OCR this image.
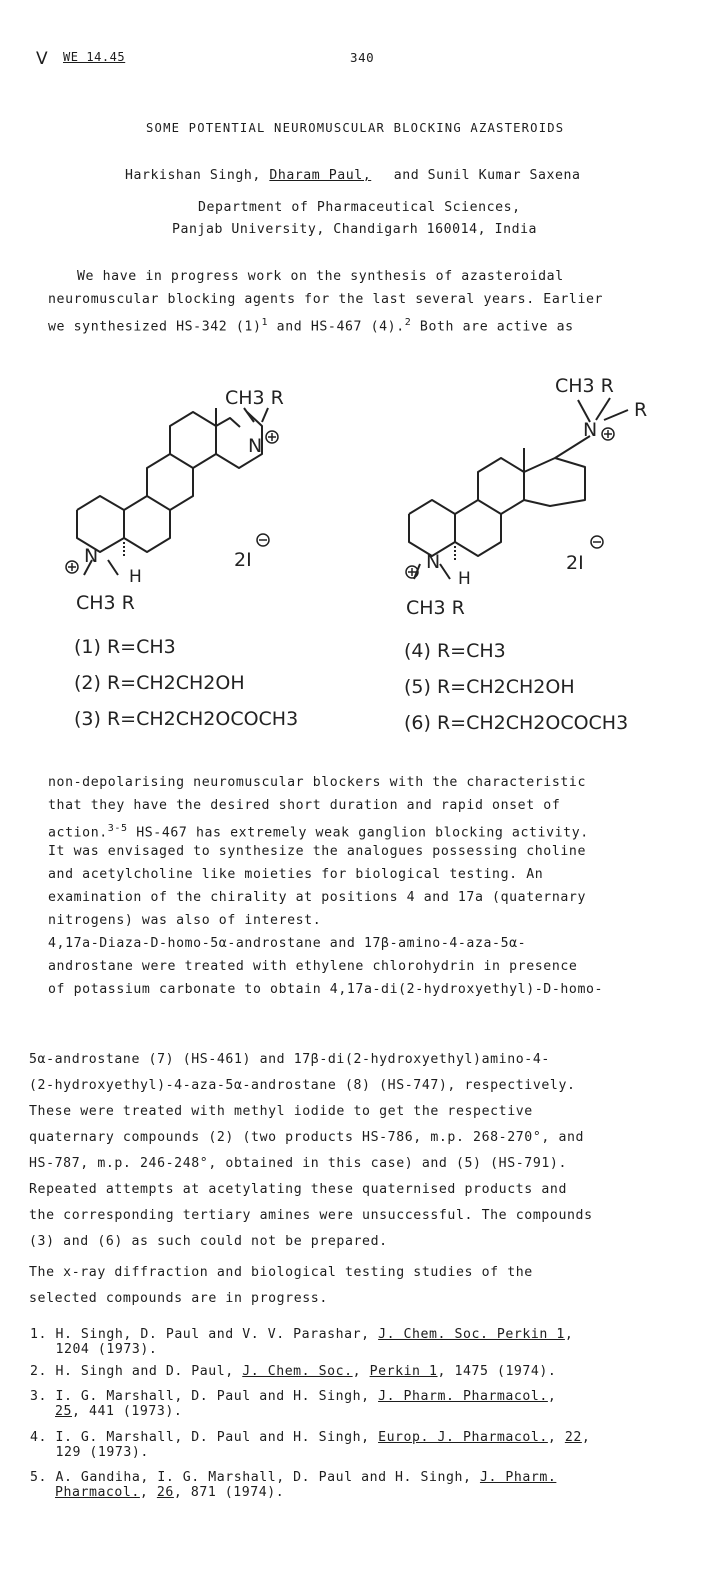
V WE 14.45	340
SOME POTENTIAL NEUROMUSCULAR BLOCKING AZASTEROIDS
Harkishan Singh, Dharam Paul, and Sunil Kumar Saxena
Department of Pharmaceutical Sciences,
Panjab University, Chandigarh 160014, India
We have in progress work on the synthesis of azasteroidal
neuromuscular blocking agents for the last several years. Earlier
we synthesized HS-342 $(1)^1$ and HS-467 (4).$^2$ Both are active as
CH3 R
N
N
H
2I
CH3 R
CH3 R
R
N
N
H
2I
CH3 R
(1) R=CH3
(2) R=CH2CH2OH
(3) R=CH2CH2OCOCH3
(4) R=CH3
(5) R=CH2CH2OH
(6) R=CH2CH2OCOCH3
non-depolarising neuromuscular blockers with the characteristic
that they have the desired short duration and rapid onset of
action.$^{3-5}$ HS-467 has extremely weak ganglion blocking activity.
It was envisaged to synthesize the analogues possessing choline
and acetylcholine like moieties for biological testing. An
examination of the chirality at positions 4 and 17a (quaternary
nitrogens) was also of interest.
4,17a-Diaza-D-homo-5α-androstane and 17β-amino-4-aza-5α-
androstane were treated with ethylene chlorohydrin in presence
of potassium carbonate to obtain 4,17a-di(2-hydroxyethyl)-D-homo-
5α-androstane (7) (HS-461) and 17β-di(2-hydroxyethyl)amino-4-
(2-hydroxyethyl)-4-aza-5α-androstane (8) (HS-747), respectively.
These were treated with methyl iodide to get the respective
quaternary compounds (2) (two products HS-786, m.p. 268-270°, and
HS-787, m.p. 246-248°, obtained in this case) and (5) (HS-791).
Repeated attempts at acetylating these quaternised products and
the corresponding tertiary amines were unsuccessful. The compounds
(3) and (6) as such could not be prepared.
The x-ray diffraction and biological testing studies of the
selected compounds are in progress.
1. H. Singh, D. Paul and V. V. Parashar, J. Chem. Soc. Perkin 1,
1204 (1973).
2. H. Singh and D. Paul, J. Chem. Soc., Perkin 1, 1475 (1974).
3. I. G. Marshall, D. Paul and H. Singh, J. Pharm. Pharmacol.,
25, 441 (1973).
4. I. G. Marshall, D. Paul and H. Singh, Europ. J. Pharmacol., 22,
129 (1973).
5. A. Gandiha, I. G. Marshall, D. Paul and H. Singh, J. Pharm.
Pharmacol., 26, 871 (1974).
